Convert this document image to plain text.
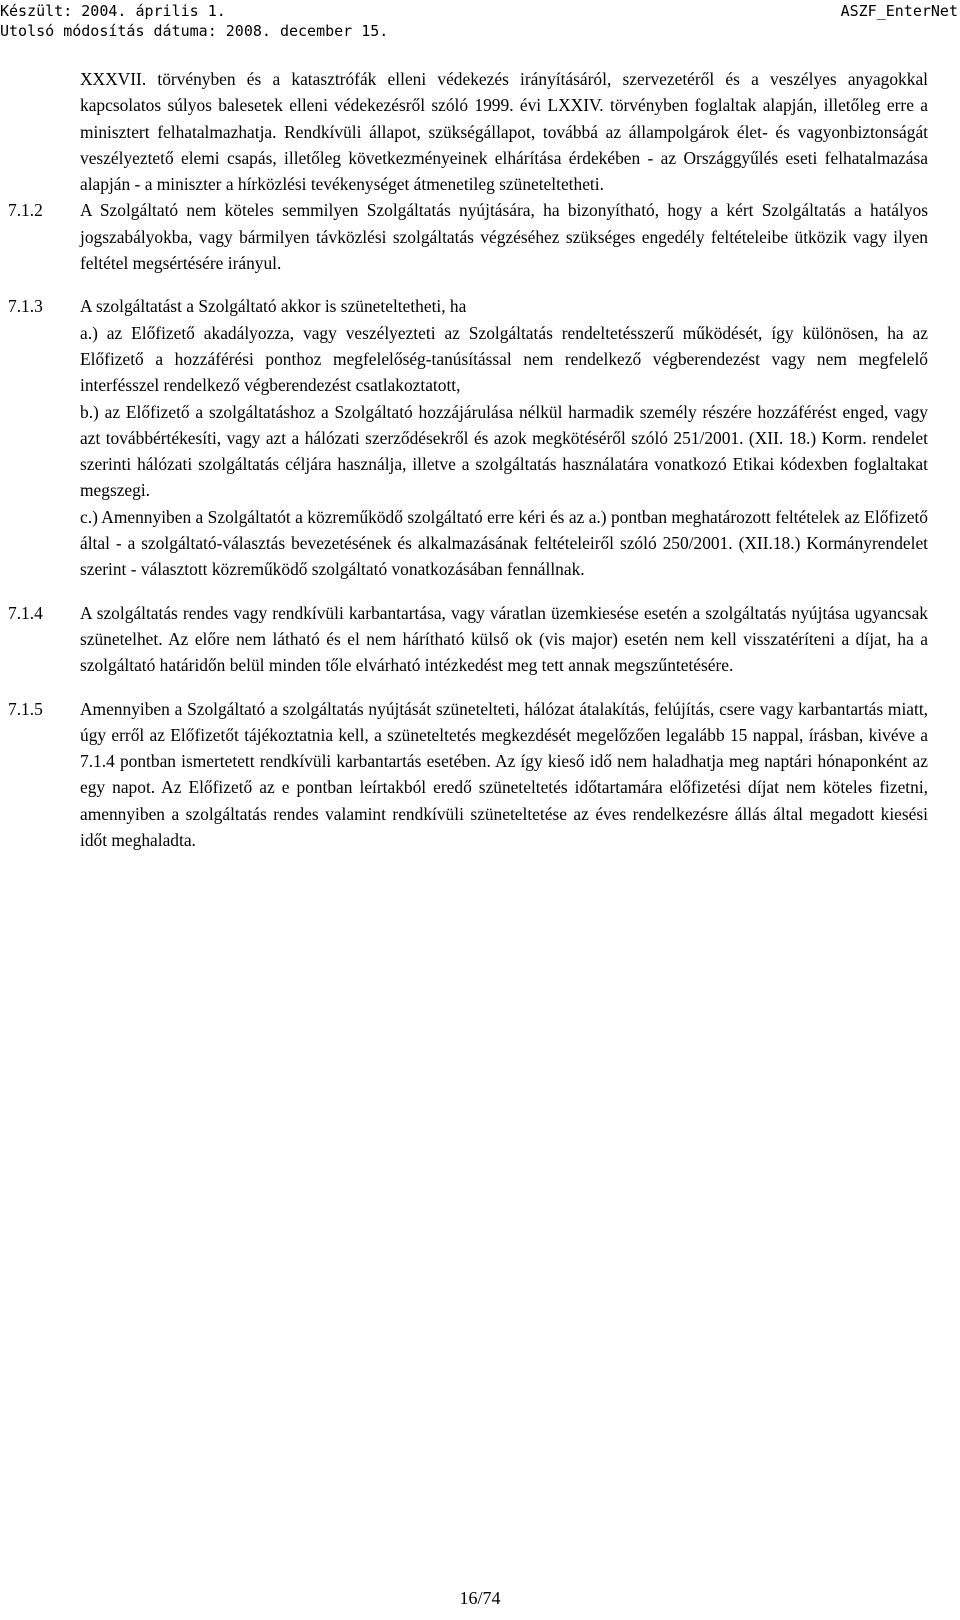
Készült: 2004. április 1.
Utolsó módosítás dátuma: 2008. december 15.
ASZF_EnterNet

XXXVII. törvényben és a katasztrófák elleni védekezés irányításáról, szervezetéről és a veszélyes anyagokkal kapcsolatos súlyos balesetek elleni védekezésről szóló 1999. évi LXXIV. törvényben foglaltak alapján, illetőleg erre a minisztert felhatalmazhatja. Rendkívüli állapot, szükségállapot, továbbá az állampolgárok élet- és vagyonbiztonságát veszélyeztető elemi csapás, illetőleg következményeinek elhárítása érdekében - az Országgyűlés eseti felhatalmazása alapján - a miniszter a hírközlési tevékenységet átmenetileg szüneteltetheti.

7.1.2	A Szolgáltató nem köteles semmilyen Szolgáltatás nyújtására, ha bizonyítható, hogy a kért Szolgáltatás a hatályos jogszabályokba, vagy bármilyen távközlési szolgáltatás végzéséhez szükséges engedély feltételeibe ütközik vagy ilyen feltétel megsértésére irányul.

7.1.3	A szolgáltatást a Szolgáltató akkor is szüneteltetheti, ha

a.) az Előfizető akadályozza, vagy veszélyezteti az Szolgáltatás rendeltetésszerű működését, így különösen, ha az Előfizető a hozzáférési ponthoz megfelelőség-tanúsítással nem rendelkező végberendezést vagy nem megfelelő interfésszel rendelkező végberendezést csatlakoztatott,

b.) az Előfizető a szolgáltatáshoz a Szolgáltató hozzájárulása nélkül harmadik személy részére hozzáférést enged, vagy azt továbbértékesíti, vagy azt a hálózati szerződésekről és azok megkötéséről szóló 251/2001. (XII. 18.) Korm. rendelet szerinti hálózati szolgáltatás céljára használja, illetve a szolgáltatás használatára vonatkozó Etikai kódexben foglaltakat megszegi.

c.) Amennyiben a Szolgáltatót a közreműködő szolgáltató erre kéri és az a.) pontban meghatározott feltételek az Előfizető által - a szolgáltató-választás bevezetésének és alkalmazásának feltételeiről szóló 250/2001. (XII.18.) Kormányrendelet szerint - választott közreműködő szolgáltató vonatkozásában fennállnak.

7.1.4	A szolgáltatás rendes vagy rendkívüli karbantartása, vagy váratlan üzemkiesése esetén a szolgáltatás nyújtása ugyancsak szünetelhet. Az előre nem látható és el nem hárítható külső ok (vis major) esetén nem kell visszatéríteni a díjat, ha a szolgáltató határidőn belül minden tőle elvárható intézkedést meg tett annak megszűntetésére.

7.1.5	Amennyiben a Szolgáltató a szolgáltatás nyújtását szünetelteti, hálózat átalakítás, felújítás, csere vagy karbantartás miatt, úgy erről az Előfizetőt tájékoztatnia kell, a szüneteltetés megkezdését megelőzően legalább 15 nappal, írásban, kivéve a 7.1.4 pontban ismertetett rendkívüli karbantartás esetében. Az így kieső idő nem haladhatja meg naptári hónaponként az egy napot. Az Előfizető az e pontban leírtakból eredő szüneteltetés időtartamára előfizetési díjat nem köteles fizetni, amennyiben a szolgáltatás rendes valamint rendkívüli szüneteltetése az éves rendelkezésre állás által megadott kiesési időt meghaladta.

16/74
